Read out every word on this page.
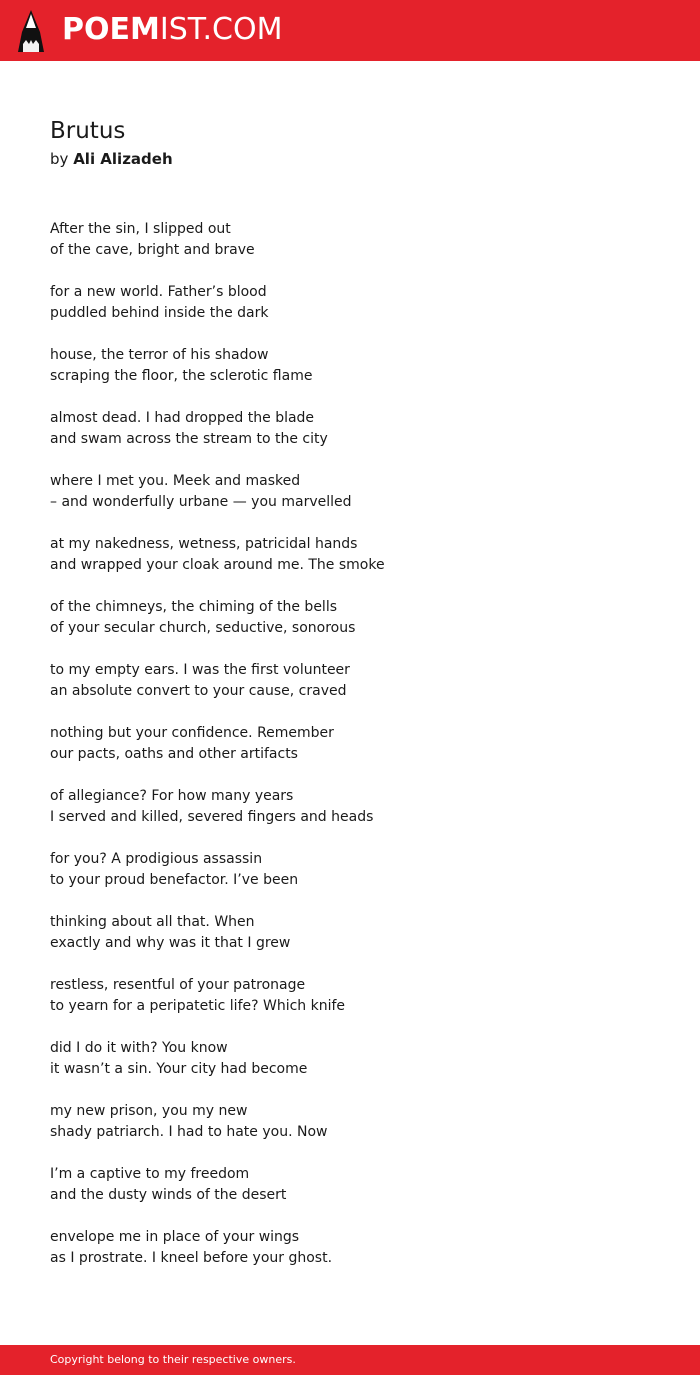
POEMIST.COM
Brutus
by Ali Alizadeh
After the sin, I slipped out
of the cave, bright and brave
for a new world. Father’s blood
puddled behind inside the dark
house, the terror of his shadow
scraping the floor, the sclerotic flame
almost dead. I had dropped the blade
and swam across the stream to the city
where I met you. Meek and masked
– and wonderfully urbane — you marvelled
at my nakedness, wetness, patricidal hands
and wrapped your cloak around me. The smoke
of the chimneys, the chiming of the bells
of your secular church, seductive, sonorous
to my empty ears. I was the first volunteer
an absolute convert to your cause, craved
nothing but your confidence. Remember
our pacts, oaths and other artifacts
of allegiance? For how many years
I served and killed, severed fingers and heads
for you? A prodigious assassin
to your proud benefactor. I’ve been
thinking about all that. When
exactly and why was it that I grew
restless, resentful of your patronage
to yearn for a peripatetic life? Which knife
did I do it with? You know
it wasn’t a sin. Your city had become
my new prison, you my new
shady patriarch. I had to hate you. Now
I’m a captive to my freedom
and the dusty winds of the desert
envelope me in place of your wings
as I prostrate. I kneel before your ghost.
Copyright belong to their respective owners.
